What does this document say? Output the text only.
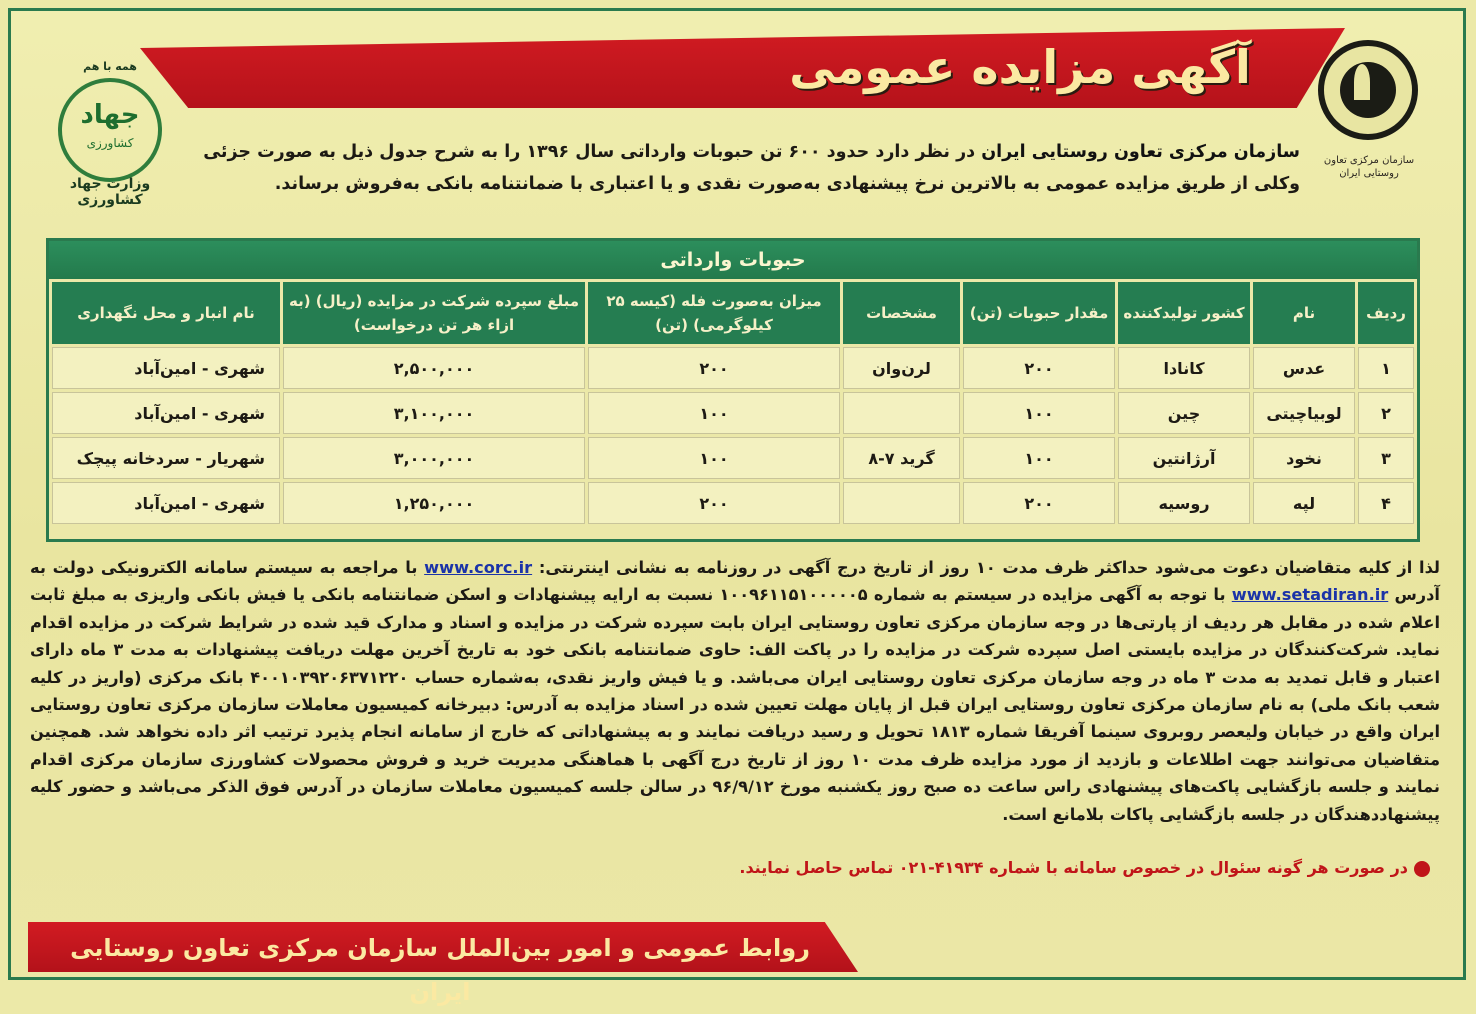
آگهی مزایده عمومی
سازمان مرکزی تعاون روستایی ایران
همه با هم
جهاد
کشاورزی
وزارت جهاد کشاورزی
سازمان مرکزی تعاون روستایی ایران در نظر دارد حدود ۶۰۰ تن حبوبات وارداتی سال ۱۳۹۶ را به شرح جدول ذیل به صورت جزئی وکلی از طریق مزایده عمومی به بالاترین نرخ پیشنهادی به‌صورت نقدی و یا اعتباری با ضمانتنامه بانکی به‌فروش برساند.
حبوبات وارداتی
ردیف	نام	کشور تولیدکننده	مقدار حبوبات (تن)	مشخصات	میزان به‌صورت فله (کیسه ۲۵ کیلوگرمی) (تن)	مبلغ سپرده شرکت در مزایده (ریال) (به ازاء هر تن درخواست)	نام انبار و محل نگهداری
۱	عدس	کانادا	۲۰۰	لرن‌وان	۲۰۰	۲,۵۰۰,۰۰۰	شهری - امین‌آباد
۲	لوبیاچیتی	چین	۱۰۰		۱۰۰	۳,۱۰۰,۰۰۰	شهری - امین‌آباد
۳	نخود	آرژانتین	۱۰۰	گرید ۷-۸	۱۰۰	۳,۰۰۰,۰۰۰	شهریار - سردخانه پیچک
۴	لپه	روسیه	۲۰۰		۲۰۰	۱,۲۵۰,۰۰۰	شهری - امین‌آباد
لذا از کلیه متقاضیان دعوت می‌شود حداکثر ظرف مدت ۱۰ روز از تاریخ درج آگهی در روزنامه به نشانی اینترنتی: www.corc.ir با مراجعه به سیستم سامانه الکترونیکی دولت به آدرس www.setadiran.ir با توجه به آگهی مزایده در سیستم به شماره ۱۰۰۹۶۱۱۵۱۰۰۰۰۰۵ نسبت به ارایه پیشنهادات و اسکن ضمانتنامه بانکی یا فیش بانکی واریزی به مبلغ ثابت اعلام شده در مقابل هر ردیف از پارتی‌ها در وجه سازمان مرکزی تعاون روستایی ایران بابت سپرده شرکت در مزایده و اسناد و مدارک قید شده در شرایط شرکت در مزایده اقدام نماید. شرکت‌کنندگان در مزایده بایستی اصل سپرده شرکت در مزایده را در پاکت الف: حاوی ضمانتنامه بانکی خود به تاریخ آخرین مهلت دریافت پیشنهادات به مدت ۳ ماه دارای اعتبار و قابل تمدید به مدت ۳ ماه در وجه سازمان مرکزی تعاون روستایی ایران می‌باشد. و یا فیش واریز نقدی، به‌شماره حساب ۴۰۰۱۰۳۹۲۰۶۳۷۱۲۲۰ بانک مرکزی (واریز در کلیه شعب بانک ملی) به نام سازمان مرکزی تعاون روستایی ایران قبل از پایان مهلت تعیین شده در اسناد مزایده به آدرس: دبیرخانه کمیسیون معاملات سازمان مرکزی تعاون روستایی ایران واقع در خیابان ولیعصر روبروی سینما آفریقا شماره ۱۸۱۳ تحویل و رسید دریافت نمایند و به پیشنهاداتی که خارج از سامانه انجام پذیرد ترتیب اثر داده نخواهد شد. همچنین متقاضیان می‌توانند جهت اطلاعات و بازدید از مورد مزایده ظرف مدت ۱۰ روز از تاریخ درج آگهی با هماهنگی مدیریت خرید و فروش محصولات کشاورزی سازمان مرکزی اقدام نمایند و جلسه بازگشایی پاکت‌های پیشنهادی راس ساعت ده صبح روز یکشنبه مورخ ۹۶/۹/۱۲ در سالن جلسه کمیسیون معاملات سازمان در آدرس فوق الذکر می‌باشد و حضور کلیه پیشنهاددهندگان در جلسه بازگشایی پاکات بلامانع است.
در صورت هر گونه سئوال در خصوص سامانه با شماره ۴۱۹۳۴-۰۲۱ تماس حاصل نمایند.
روابط عمومی و امور بین‌الملل سازمان مرکزی تعاون روستایی ایران
